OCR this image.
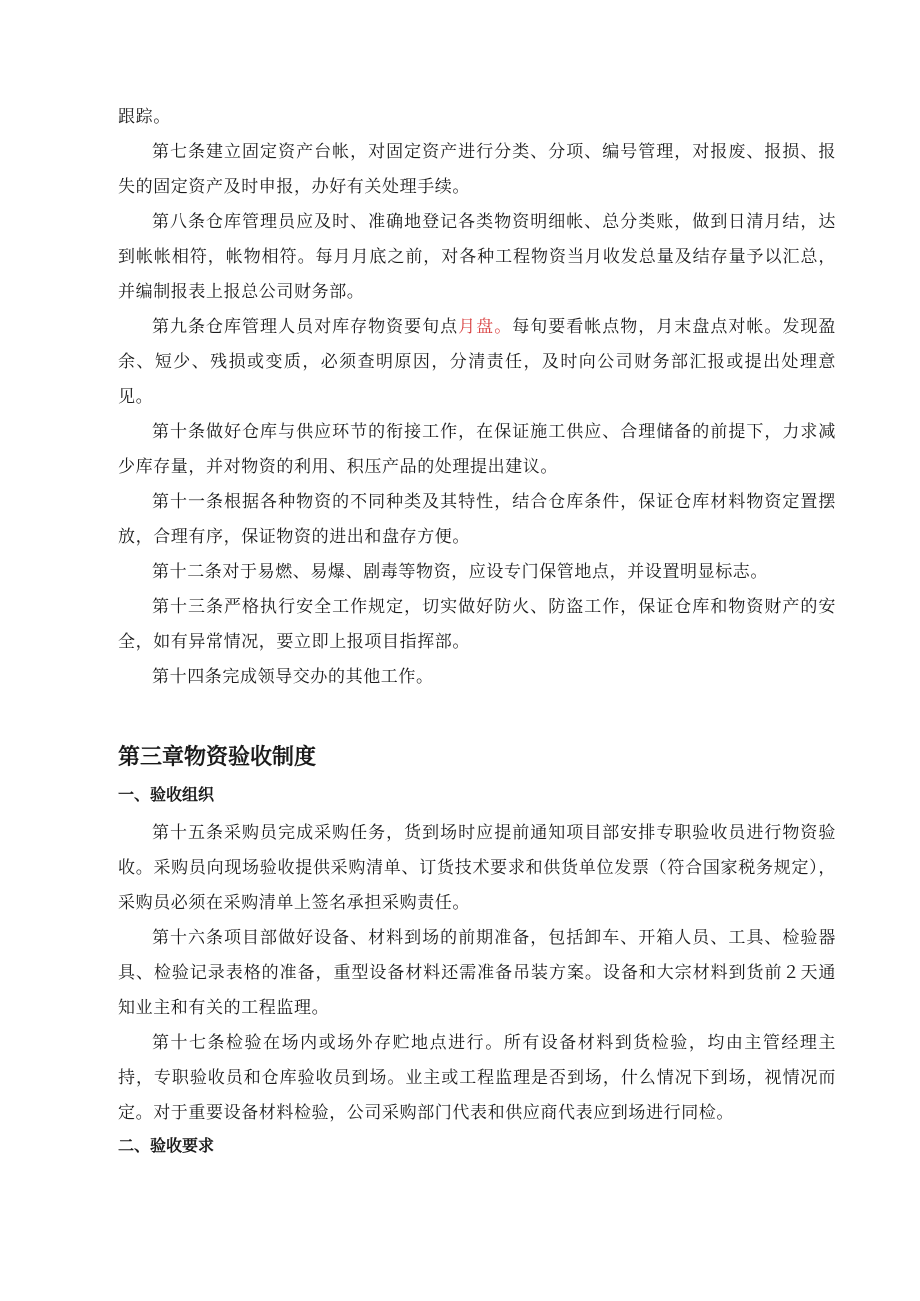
跟踪。

第七条建立固定资产台帐，对固定资产进行分类、分项、编号管理，对报废、报损、报失的固定资产及时申报，办好有关处理手续。

第八条仓库管理员应及时、准确地登记各类物资明细帐、总分类账，做到日清月结，达到帐帐相符，帐物相符。每月月底之前，对各种工程物资当月收发总量及结存量予以汇总，并编制报表上报总公司财务部。

第九条仓库管理人员对库存物资要旬点月盘。每旬要看帐点物，月末盘点对帐。发现盈余、短少、残损或变质，必须查明原因，分清责任，及时向公司财务部汇报或提出处理意见。

第十条做好仓库与供应环节的衔接工作，在保证施工供应、合理储备的前提下，力求减少库存量，并对物资的利用、积压产品的处理提出建议。

第十一条根据各种物资的不同种类及其特性，结合仓库条件，保证仓库材料物资定置摆放，合理有序，保证物资的进出和盘存方便。

第十二条对于易燃、易爆、剧毒等物资，应设专门保管地点，并设置明显标志。

第十三条严格执行安全工作规定，切实做好防火、防盗工作，保证仓库和物资财产的安全，如有异常情况，要立即上报项目指挥部。

第十四条完成领导交办的其他工作。

第三章物资验收制度
一、验收组织

第十五条采购员完成采购任务，货到场时应提前通知项目部安排专职验收员进行物资验收。采购员向现场验收提供采购清单、订货技术要求和供货单位发票（符合国家税务规定），采购员必须在采购清单上签名承担采购责任。

第十六条项目部做好设备、材料到场的前期准备，包括卸车、开箱人员、工具、检验器具、检验记录表格的准备，重型设备材料还需准备吊装方案。设备和大宗材料到货前２天通知业主和有关的工程监理。

第十七条检验在场内或场外存贮地点进行。所有设备材料到货检验，均由主管经理主持，专职验收员和仓库验收员到场。业主或工程监理是否到场，什么情况下到场，视情况而定。对于重要设备材料检验，公司采购部门代表和供应商代表应到场进行同检。

二、验收要求
